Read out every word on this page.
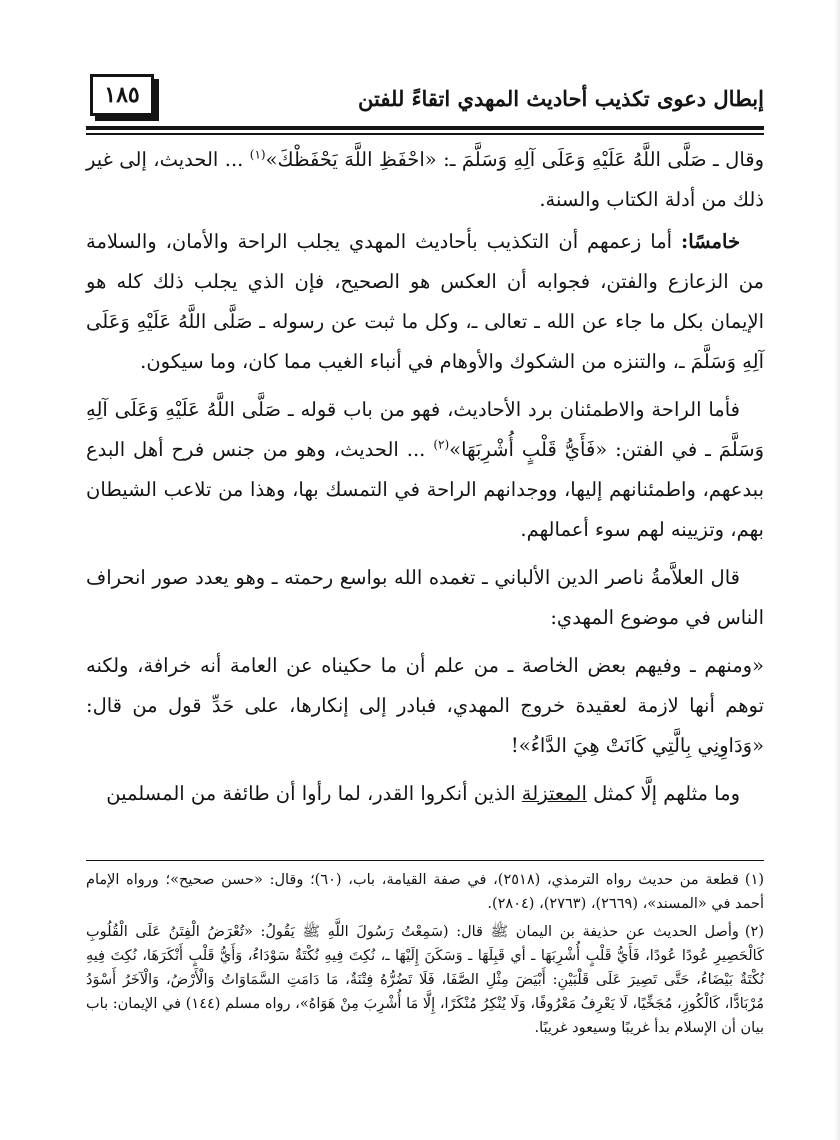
١٨٥	إبطال دعوى تكذيب أحاديث المهدي اتقاءً للفتن

وقال ـ صَلَّى اللَّهُ عَلَيْهِ وَعَلَى آلِهِ وَسَلَّمَ ـ: «احْفَظِ اللَّهَ يَحْفَظْكَ»$^{(١)}$ ... الحديث، إلى غير ذلك من أدلة الكتاب والسنة.

خامسًا: أما زعمهم أن التكذيب بأحاديث المهدي يجلب الراحة والأمان، والسلامة من الزعازع والفتن، فجوابه أن العكس هو الصحيح، فإن الذي يجلب ذلك كله هو الإيمان بكل ما جاء عن الله ـ تعالى ـ، وكل ما ثبت عن رسوله ـ صَلَّى اللَّهُ عَلَيْهِ وَعَلَى آلِهِ وَسَلَّمَ ـ، والتنزه من الشكوك والأوهام في أنباء الغيب مما كان، وما سيكون.

فأما الراحة والاطمئنان برد الأحاديث، فهو من باب قوله ـ صَلَّى اللَّهُ عَلَيْهِ وَعَلَى آلِهِ وَسَلَّمَ ـ في الفتن: «فَأَيُّ قَلْبٍ أُشْرِبَهَا»$^{(٢)}$ ... الحديث، وهو من جنس فرح أهل البدع ببدعهم، واطمئنانهم إليها، ووجدانهم الراحة في التمسك بها، وهذا من تلاعب الشيطان بهم، وتزيينه لهم سوء أعمالهم.

قال العلاَّمةُ ناصر الدين الألباني ـ تغمده الله بواسع رحمته ـ وهو يعدد صور انحراف الناس في موضوع المهدي:

«ومنهم ـ وفيهم بعض الخاصة ـ من علم أن ما حكيناه عن العامة أنه خرافة، ولكنه توهم أنها لازمة لعقيدة خروج المهدي، فبادر إلى إنكارها، على حَدِّ قول من قال: «وَدَاوِنِي بِالَّتِي كَانَتْ هِيَ الدَّاءُ»!

وما مثلهم إلَّا كمثل المعتزلة الذين أنكروا القدر، لما رأوا أن طائفة من المسلمين

(١)قطعة من حديث رواه الترمذي، (٢٥١٨)، في صفة القيامة، باب، (٦٠)؛ وقال: «حسن صحيح»؛ ورواه الإمام أحمد في «المسند»، (٢٦٦٩)، (٢٧٦٣)، (٢٨٠٤).

(٢)وأصل الحديث عن حذيفة بن اليمان ﷺ قال: (سَمِعْتُ رَسُولَ اللَّهِ ﷺ يَقُولُ: «تُعْرَضُ الْفِتَنُ عَلَى الْقُلُوبِ كَالْحَصِيرِ عُودًا عُودًا، فَأَيُّ قَلْبٍ أُشْرِبَهَا ـ أي قَبِلَهَا ـ وَسَكَنَ إِلَيْهَا ـ، نُكِتَ فِيهِ نُكْتَةٌ سَوْدَاءُ، وَأَيُّ قَلْبٍ أَنْكَرَهَا، نُكِتَ فِيهِ نُكْتَةٌ بَيْضَاءُ، حَتَّى تَصِيرَ عَلَى قَلْبَيْنِ: أَبْيَضَ مِثْلِ الصَّفَا، فَلَا تَضُرُّهُ فِتْنَةٌ، مَا دَامَتِ السَّمَاوَاتُ وَالْأَرْضُ، وَالْآخَرُ أَسْوَدُ مُرْبَادًّا، كَالْكُوزِ، مُجَخِّيًا، لَا يَعْرِفُ مَعْرُوفًا، وَلَا يُنْكِرُ مُنْكَرًا، إِلَّا مَا أُشْرِبَ مِنْ هَوَاهُ»، رواه مسلم (١٤٤) في الإيمان: باب بيان أن الإسلام بدأ غريبًا وسيعود غريبًا.
